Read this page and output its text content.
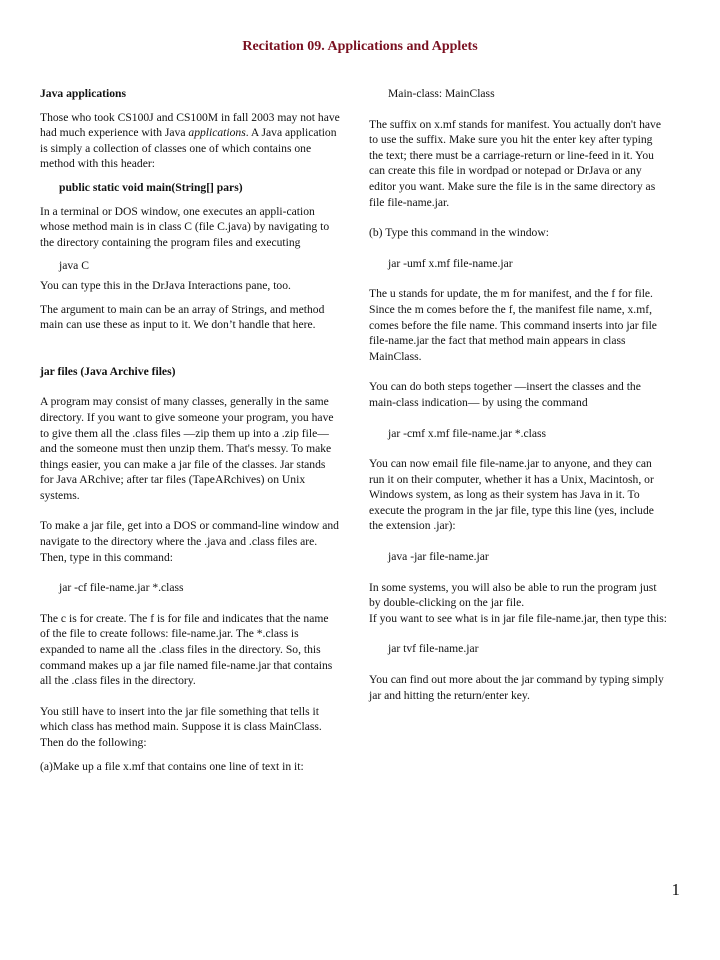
Recitation 09. Applications and Applets

Java applications

Those who took CS100J and CS100M in fall 2003 may not have had much experience with Java applications. A Java application is simply a collection of classes one of which contains one method with this header:

public static void main(String[] pars)

In a terminal or DOS window, one executes an appli-cation whose method main is in class C (file C.java) by navigating to the directory containing the program files and executing

java C

You can type this in the DrJava Interactions pane, too.

The argument to main can be an array of Strings, and method main can use these as input to it. We don’t handle that here.

jar files (Java Archive files)

A program may consist of many classes, generally in the same directory. If you want to give someone your program, you have to give them all the .class files —zip them up into a .zip file— and the someone must then unzip them. That's messy. To make things easier, you can make a jar file of the classes. Jar stands for Java ARchive; after tar files (TapeARchives) on Unix systems.

To make a jar file, get into a DOS or command-line window and navigate to the directory where the .java and .class files are. Then, type in this command:

jar -cf file-name.jar *.class

The c is for create. The f is for file and indicates that the name of the file to create follows: file-name.jar. The *.class is expanded to name all the .class files in the directory. So, this command makes up a jar file named file-name.jar that contains all the .class files in the directory.

You still have to insert into the jar file something that tells it which class has method main. Suppose it is class MainClass. Then do the following:

(a)Make up a file x.mf that contains one line of text in it:

Main-class: MainClass

The suffix on x.mf stands for manifest. You actually don't have to use the suffix. Make sure you hit the enter key after typing the text; there must be a carriage-return or line-feed in it. You can create this file in wordpad or notepad or DrJava or any editor you want. Make sure the file is in the same directory as file file-name.jar.

(b) Type this command in the window:

jar -umf x.mf file-name.jar

The u stands for update, the m for manifest, and the f for file. Since the m comes before the f, the manifest file name, x.mf, comes before the file name. This command inserts into jar file file-name.jar the fact that method main appears in class MainClass.

You can do both steps together —insert the classes and the main-class indication— by using the command

jar -cmf x.mf file-name.jar *.class

You can now email file file-name.jar to anyone, and they can run it on their computer, whether it has a Unix, Macintosh, or Windows system, as long as their system has Java in it. To execute the program in the jar file, type this line (yes, include the extension .jar):

java -jar file-name.jar

In some systems, you will also be able to run the program just by double-clicking on the jar file.

If you want to see what is in jar file file-name.jar, then type this:

jar tvf file-name.jar

You can find out more about the jar command by typing simply jar and hitting the return/enter key.

1
